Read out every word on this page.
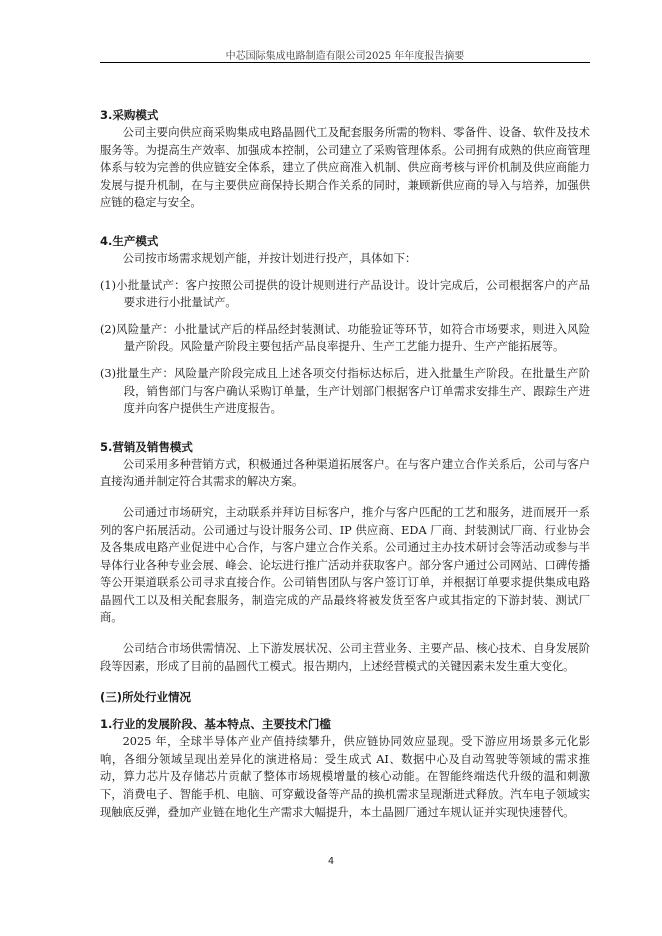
中芯国际集成电路制造有限公司2025 年年度报告摘要

3.采购模式

公司主要向供应商采购集成电路晶圆代工及配套服务所需的物料、零备件、设备、软件及技术服务等。为提高生产效率、加强成本控制，公司建立了采购管理体系。公司拥有成熟的供应商管理体系与较为完善的供应链安全体系，建立了供应商准入机制、供应商考核与评价机制及供应商能力发展与提升机制，在与主要供应商保持长期合作关系的同时，兼顾新供应商的导入与培养，加强供应链的稳定与安全。

4.生产模式

公司按市场需求规划产能，并按计划进行投产，具体如下：

(1)小批量试产：客户按照公司提供的设计规则进行产品设计。设计完成后，公司根据客户的产品要求进行小批量试产。

(2)风险量产：小批量试产后的样品经封装测试、功能验证等环节，如符合市场要求，则进入风险量产阶段。风险量产阶段主要包括产品良率提升、生产工艺能力提升、生产产能拓展等。

(3)批量生产：风险量产阶段完成且上述各项交付指标达标后，进入批量生产阶段。在批量生产阶段，销售部门与客户确认采购订单量，生产计划部门根据客户订单需求安排生产、跟踪生产进度并向客户提供生产进度报告。

5.营销及销售模式

公司采用多种营销方式，积极通过各种渠道拓展客户。在与客户建立合作关系后，公司与客户直接沟通并制定符合其需求的解决方案。

公司通过市场研究，主动联系并拜访目标客户，推介与客户匹配的工艺和服务，进而展开一系列的客户拓展活动。公司通过与设计服务公司、IP 供应商、EDA 厂商、封装测试厂商、行业协会及各集成电路产业促进中心合作，与客户建立合作关系。公司通过主办技术研讨会等活动或参与半导体行业各种专业会展、峰会、论坛进行推广活动并获取客户。部分客户通过公司网站、口碑传播等公开渠道联系公司寻求直接合作。公司销售团队与客户签订订单，并根据订单要求提供集成电路晶圆代工以及相关配套服务，制造完成的产品最终将被发货至客户或其指定的下游封装、测试厂商。

公司结合市场供需情况、上下游发展状况、公司主营业务、主要产品、核心技术、自身发展阶段等因素，形成了目前的晶圆代工模式。报告期内，上述经营模式的关键因素未发生重大变化。

(三)所处行业情况

1.行业的发展阶段、基本特点、主要技术门槛

2025 年，全球半导体产业产值持续攀升，供应链协同效应显现。受下游应用场景多元化影响，各细分领域呈现出差异化的演进格局：受生成式 AI、数据中心及自动驾驶等领域的需求推动，算力芯片及存储芯片贡献了整体市场规模增量的核心动能。在智能终端迭代升级的温和刺激下，消费电子、智能手机、电脑、可穿戴设备等产品的换机需求呈现渐进式释放。汽车电子领域实现触底反弹，叠加产业链在地化生产需求大幅提升，本土晶圆厂通过车规认证并实现快速替代。

4
